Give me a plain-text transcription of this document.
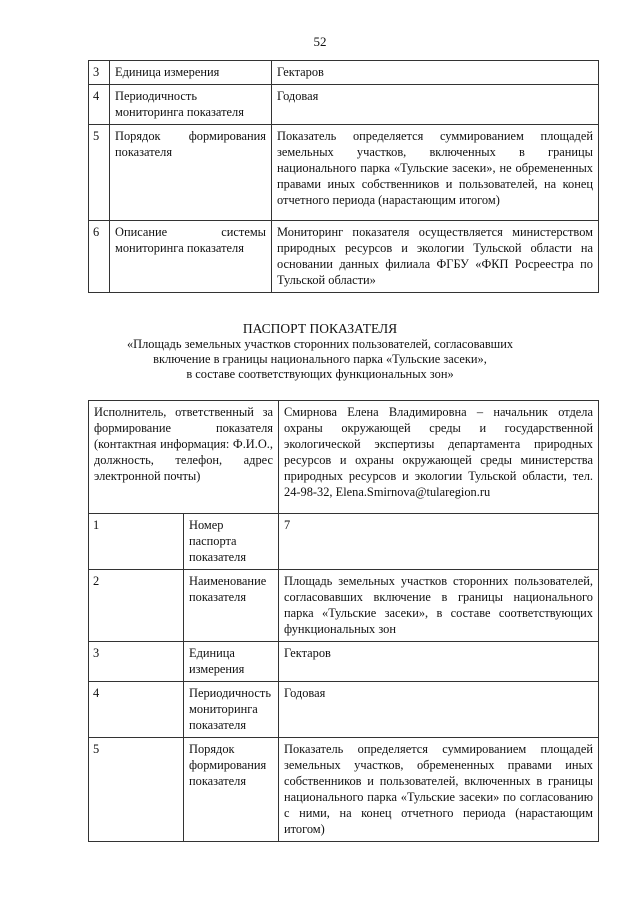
52
3	Единица измерения	Гектаров
4	Периодичность мониторинга показателя	Годовая
5	Порядок формирования показателя	Показатель определяется суммированием площадей земельных участков, включенных в границы национального парка «Тульские засеки», не обремененных правами иных собственников и пользователей, на конец отчетного периода (нарастающим итогом)
6	Описание системы мониторинга показателя	Мониторинг показателя осуществляется министерством природных ресурсов и экологии Тульской области на основании данных филиала ФГБУ «ФКП Росреестра по Тульской области»
ПАСПОРТ ПОКАЗАТЕЛЯ
«Площадь земельных участков сторонних пользователей, согласовавших
включение в границы национального парка «Тульские засеки»,
в составе соответствующих функциональных зон»
Исполнитель, ответственный за формирование показателя (контактная информация: Ф.И.О., должность, телефон, адрес электронной почты)		Смирнова Елена Владимировна – начальник отдела охраны окружающей среды и государственной экологической экспертизы департамента природных ресурсов и охраны окружающей среды министерства природных ресурсов и экологии Тульской области, тел. 24-98-32, Elena.Smirnova@tularegion.ru
1	Номер паспорта показателя	7
2	Наименование показателя	Площадь земельных участков сторонних пользователей, согласовавших включение в границы национального парка «Тульские засеки», в составе соответствующих функциональных зон
3	Единица измерения	Гектаров
4	Периодичность мониторинга показателя	Годовая
5	Порядок формирования показателя	Показатель определяется суммированием площадей земельных участков, обремененных правами иных собственников и пользователей, включенных в границы национального парка «Тульские засеки» по согласованию с ними, на конец отчетного периода (нарастающим итогом)
